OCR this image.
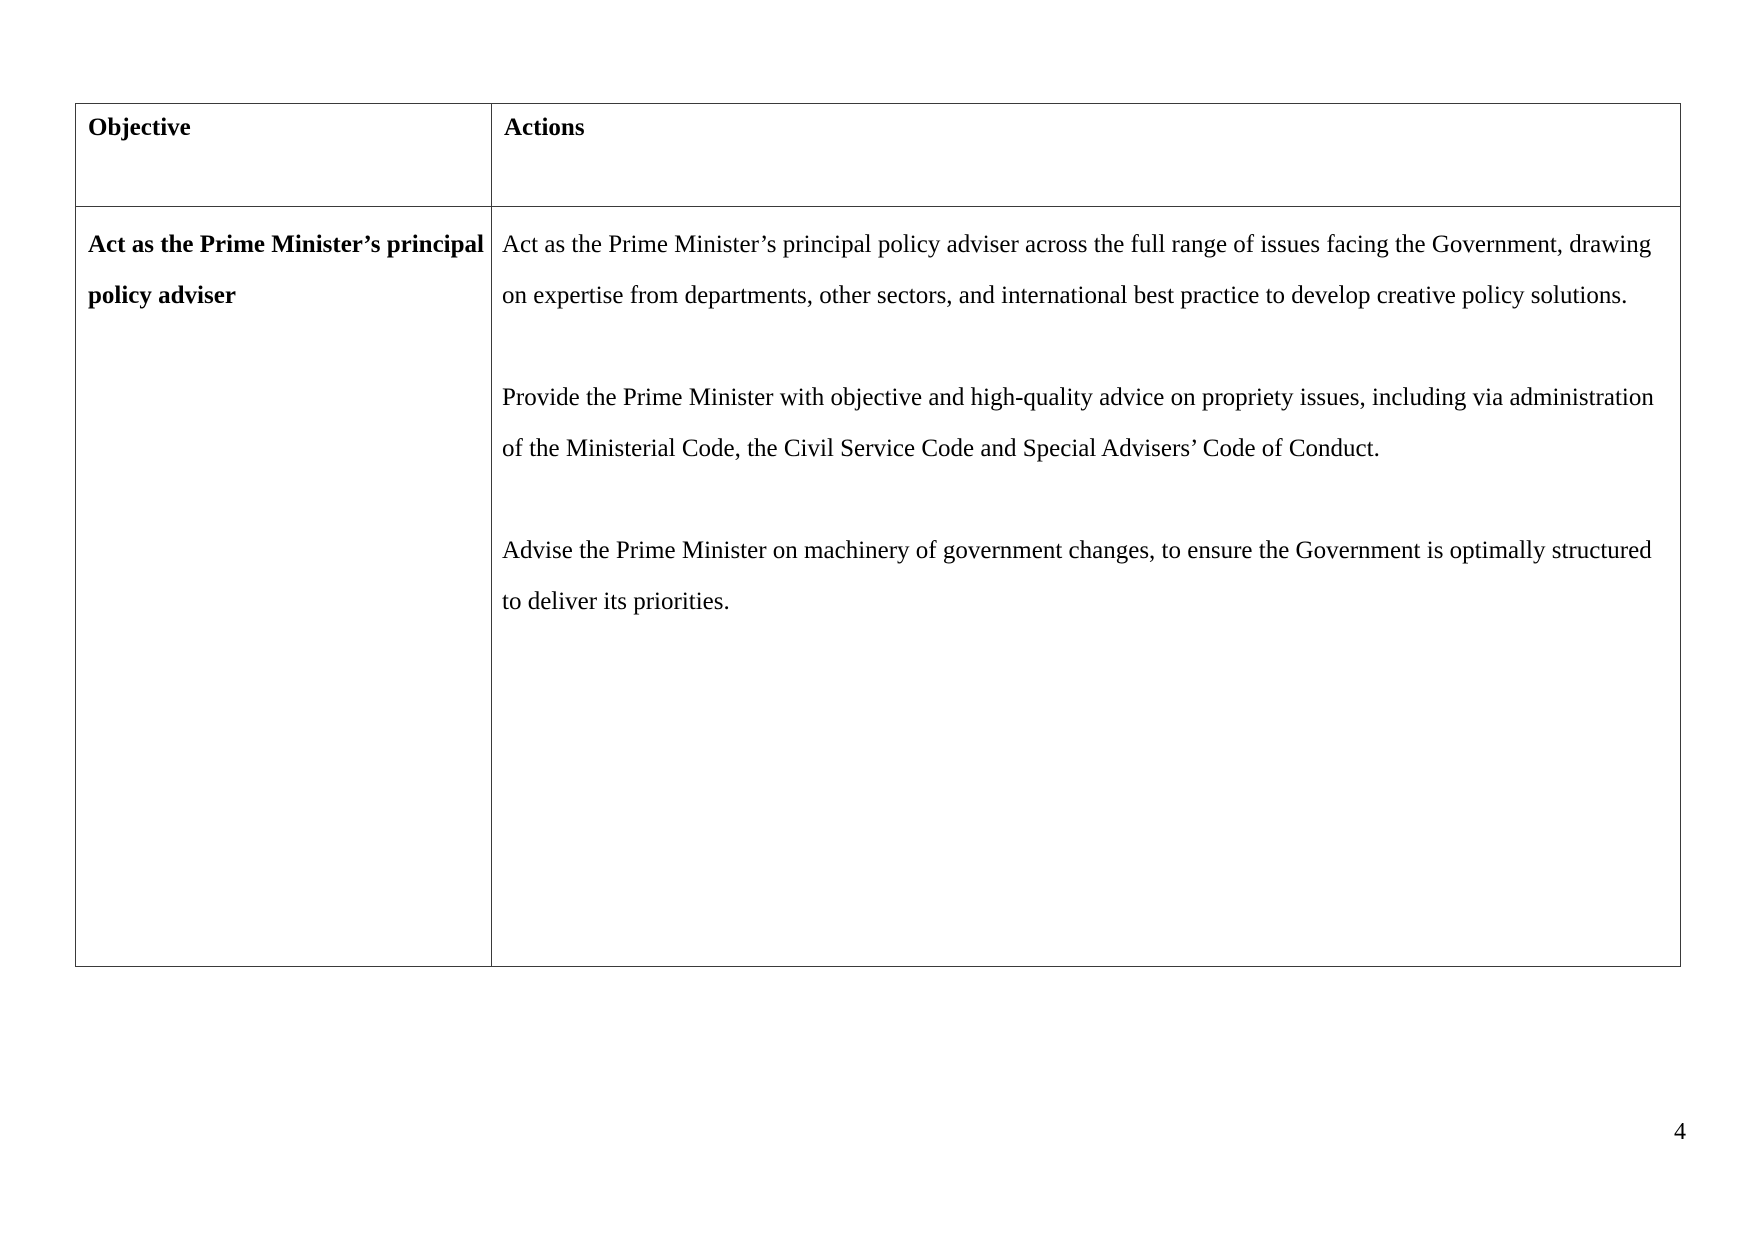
Objective	Actions
Act as the Prime Minister’s principal policy adviser	Act as the Prime Minister’s principal policy adviser across the full range of issues facing the Government, drawing on expertise from departments, other sectors, and international best practice to develop creative policy solutions.

Provide the Prime Minister with objective and high-quality advice on propriety issues, including via administration of the Ministerial Code, the Civil Service Code and Special Advisers’ Code of Conduct.

Advise the Prime Minister on machinery of government changes, to ensure the Government is optimally structured to deliver its priorities.

4
